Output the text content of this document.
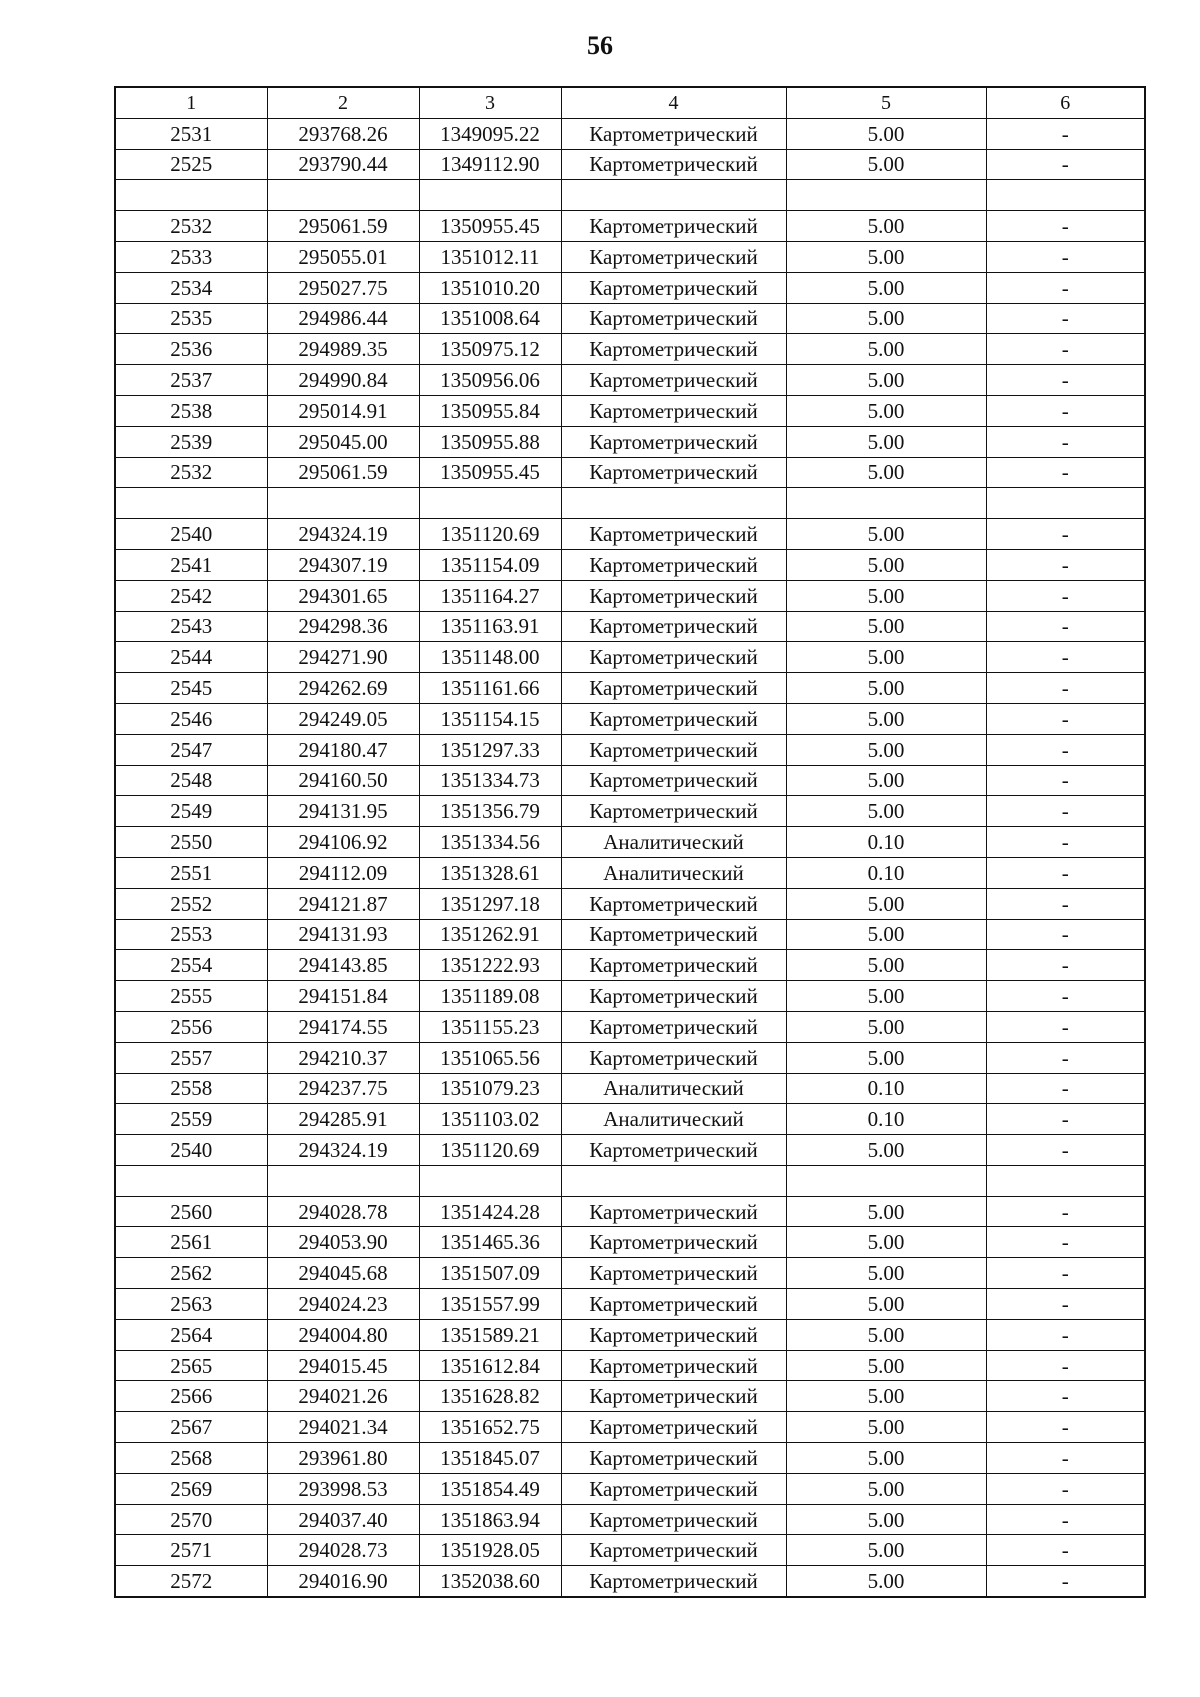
56
1	2	3	4	5	6
2531	293768.26	1349095.22	Картометрический	5.00	-
2525	293790.44	1349112.90	Картометрический	5.00	-

2532	295061.59	1350955.45	Картометрический	5.00	-
2533	295055.01	1351012.11	Картометрический	5.00	-
2534	295027.75	1351010.20	Картометрический	5.00	-
2535	294986.44	1351008.64	Картометрический	5.00	-
2536	294989.35	1350975.12	Картометрический	5.00	-
2537	294990.84	1350956.06	Картометрический	5.00	-
2538	295014.91	1350955.84	Картометрический	5.00	-
2539	295045.00	1350955.88	Картометрический	5.00	-
2532	295061.59	1350955.45	Картометрический	5.00	-

2540	294324.19	1351120.69	Картометрический	5.00	-
2541	294307.19	1351154.09	Картометрический	5.00	-
2542	294301.65	1351164.27	Картометрический	5.00	-
2543	294298.36	1351163.91	Картометрический	5.00	-
2544	294271.90	1351148.00	Картометрический	5.00	-
2545	294262.69	1351161.66	Картометрический	5.00	-
2546	294249.05	1351154.15	Картометрический	5.00	-
2547	294180.47	1351297.33	Картометрический	5.00	-
2548	294160.50	1351334.73	Картометрический	5.00	-
2549	294131.95	1351356.79	Картометрический	5.00	-
2550	294106.92	1351334.56	Аналитический	0.10	-
2551	294112.09	1351328.61	Аналитический	0.10	-
2552	294121.87	1351297.18	Картометрический	5.00	-
2553	294131.93	1351262.91	Картометрический	5.00	-
2554	294143.85	1351222.93	Картометрический	5.00	-
2555	294151.84	1351189.08	Картометрический	5.00	-
2556	294174.55	1351155.23	Картометрический	5.00	-
2557	294210.37	1351065.56	Картометрический	5.00	-
2558	294237.75	1351079.23	Аналитический	0.10	-
2559	294285.91	1351103.02	Аналитический	0.10	-
2540	294324.19	1351120.69	Картометрический	5.00	-

2560	294028.78	1351424.28	Картометрический	5.00	-
2561	294053.90	1351465.36	Картометрический	5.00	-
2562	294045.68	1351507.09	Картометрический	5.00	-
2563	294024.23	1351557.99	Картометрический	5.00	-
2564	294004.80	1351589.21	Картометрический	5.00	-
2565	294015.45	1351612.84	Картометрический	5.00	-
2566	294021.26	1351628.82	Картометрический	5.00	-
2567	294021.34	1351652.75	Картометрический	5.00	-
2568	293961.80	1351845.07	Картометрический	5.00	-
2569	293998.53	1351854.49	Картометрический	5.00	-
2570	294037.40	1351863.94	Картометрический	5.00	-
2571	294028.73	1351928.05	Картометрический	5.00	-
2572	294016.90	1352038.60	Картометрический	5.00	-
